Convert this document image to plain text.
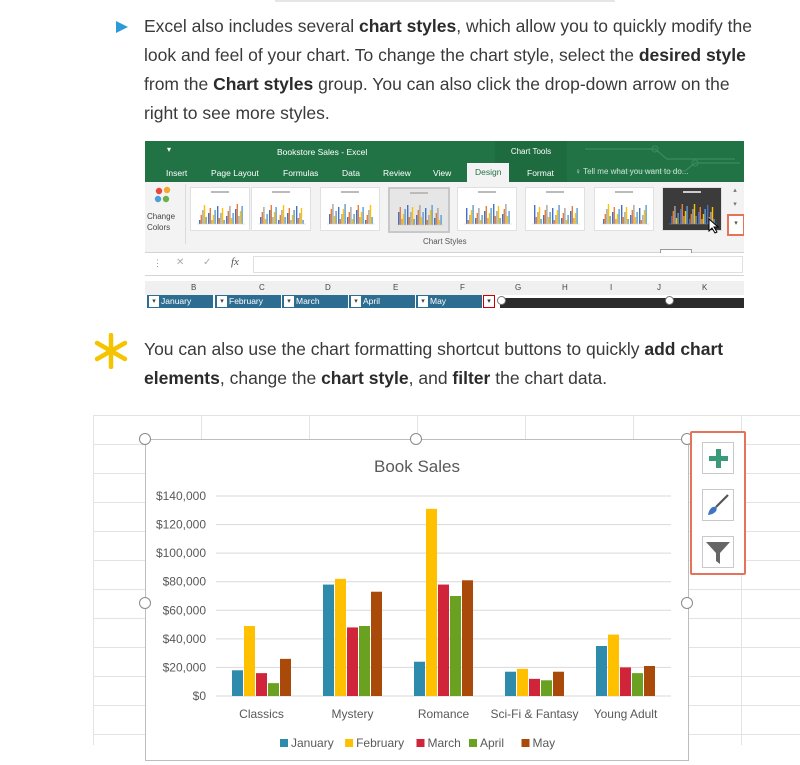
Excel also includes several chart styles, which allow you to quickly modify the look and feel of your chart. To change the chart style, select the desired style from the Chart styles group. You can also click the drop-down arrow on the right to see more styles.
▾	Bookstore Sales - Excel	Chart Tools
Insert	Page Layout	Formulas	Data	Review	View	Design	Format	♀ Tell me what you want to do...
Change Colors
▴
▾
▾
Chart Styles
⋮ ✕ ✓ fx
B	C	D	E	F	G	H	I	J	K
▾ January	▾ February	▾ March	▾ April	▾ May	▾
You can also use the chart formatting shortcut buttons to quickly add chart elements, change the chart style, and filter the chart data.
Book Sales
$140,000
$120,000
$100,000
$80,000
$60,000
$40,000
$20,000
$0
Classics	Mystery	Romance Sci-Fi & Fantasy Young Adult
January February March April May
